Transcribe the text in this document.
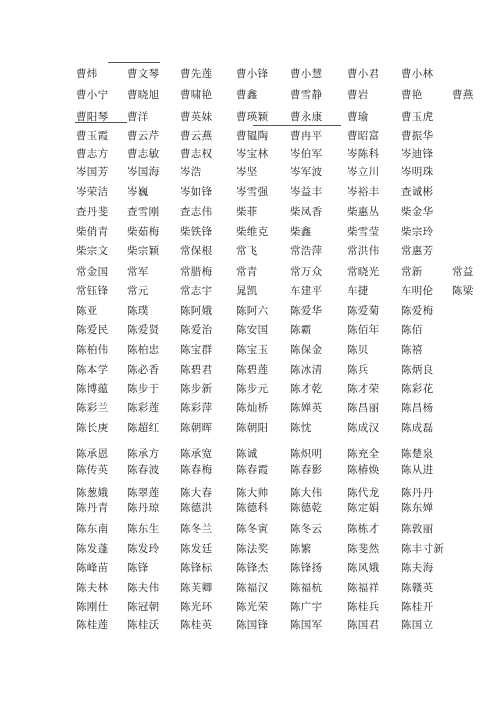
曹炜	曹文琴 曹先莲 曹小锋 曹小慧 曹小君 曹小林
曹小宁 曹晓旭 曹啸艳 曹鑫	曹雪静 曹岩	曹艳	曹燕
曹阳琴 曹洋	曹英妹 曹瑛颖 曹永康 曹瑜	曹玉虎
曹玉霞 曹云芹 曹云燕 曹韫陶 曹冉平 曹昭富 曹振华
曹志方 曹志敏 曹志权 岑宝林 岑伯军 岑陈科 岑迪锋
岑国芳 岑国海 岑浩	岑坚	岑军波 岑立川 岑明珠
岑荣洁 岑巍	岑如锋 岑雪强 岑益丰 岑裕丰 查诚彬
查丹斐 查雪刚 查志伟 柴菲	柴凤香 柴惠丛 柴金华
柴俏青 柴茹梅 柴铁锋 柴维克 柴鑫	柴雪莹 柴宗玲
柴宗文 柴宗颖 常保根 常飞	常浩萍 常洪伟 常惠芳
常金国 常军	常腊梅 常青	常万众 常晓光 常新	常益
常钰锋 常元	常志宇 晁凯	车建平 车捷	车明伦 陈梁
陈亚	陈璞	陈阿娥 陈阿六 陈爱华 陈爱菊 陈爱梅
陈爱民 陈爱贤 陈爱治 陈安国 陈霸	陈佰年 陈佰
陈柏伟 陈柏忠 陈宝群 陈宝玉 陈保金 陈贝	陈禧
陈本学 陈必香 陈碧君 陈碧莲 陈冰清 陈兵	陈炳良
陈博蕴 陈步于 陈步新 陈步元 陈才乾 陈才荣 陈彩花
陈彩兰 陈彩莲 陈彩萍 陈灿桥 陈婵英 陈昌丽 陈昌杨
陈长庚 陈超红 陈朝晖 陈朝阳 陈忱	陈成汉 陈成磊
陈承恩 陈承方 陈承宽 陈诚	陈炽明 陈充全 陈楚泉
陈传英 陈春波 陈春梅 陈春霞 陈春影 陈椿焕 陈从进
陈葱娥 陈翠莲 陈大春 陈大帅 陈大伟 陈代龙 陈丹丹
陈丹青 陈丹琼 陈德洪 陈德科 陈德乾 陈定娟 陈东婵
陈东南 陈东生 陈冬兰 陈冬寅 陈冬云 陈栋才 陈敦丽
陈发蓬 陈发玲 陈发廷 陈法奖 陈繁	陈斐然 陈丰寸新
陈峰苗 陈锋	陈锋标 陈锋杰 陈锋扬 陈风娥 陈夫海
陈夫林 陈夫伟 陈芙卿 陈福汉 陈福杭 陈福祥 陈赣英
陈刚仕 陈冠朝 陈光环 陈光荣 陈广宇 陈桂兵 陈桂开
陈桂莲 陈桂沃 陈桂英 陈国锋 陈国军 陈国君 陈国立
